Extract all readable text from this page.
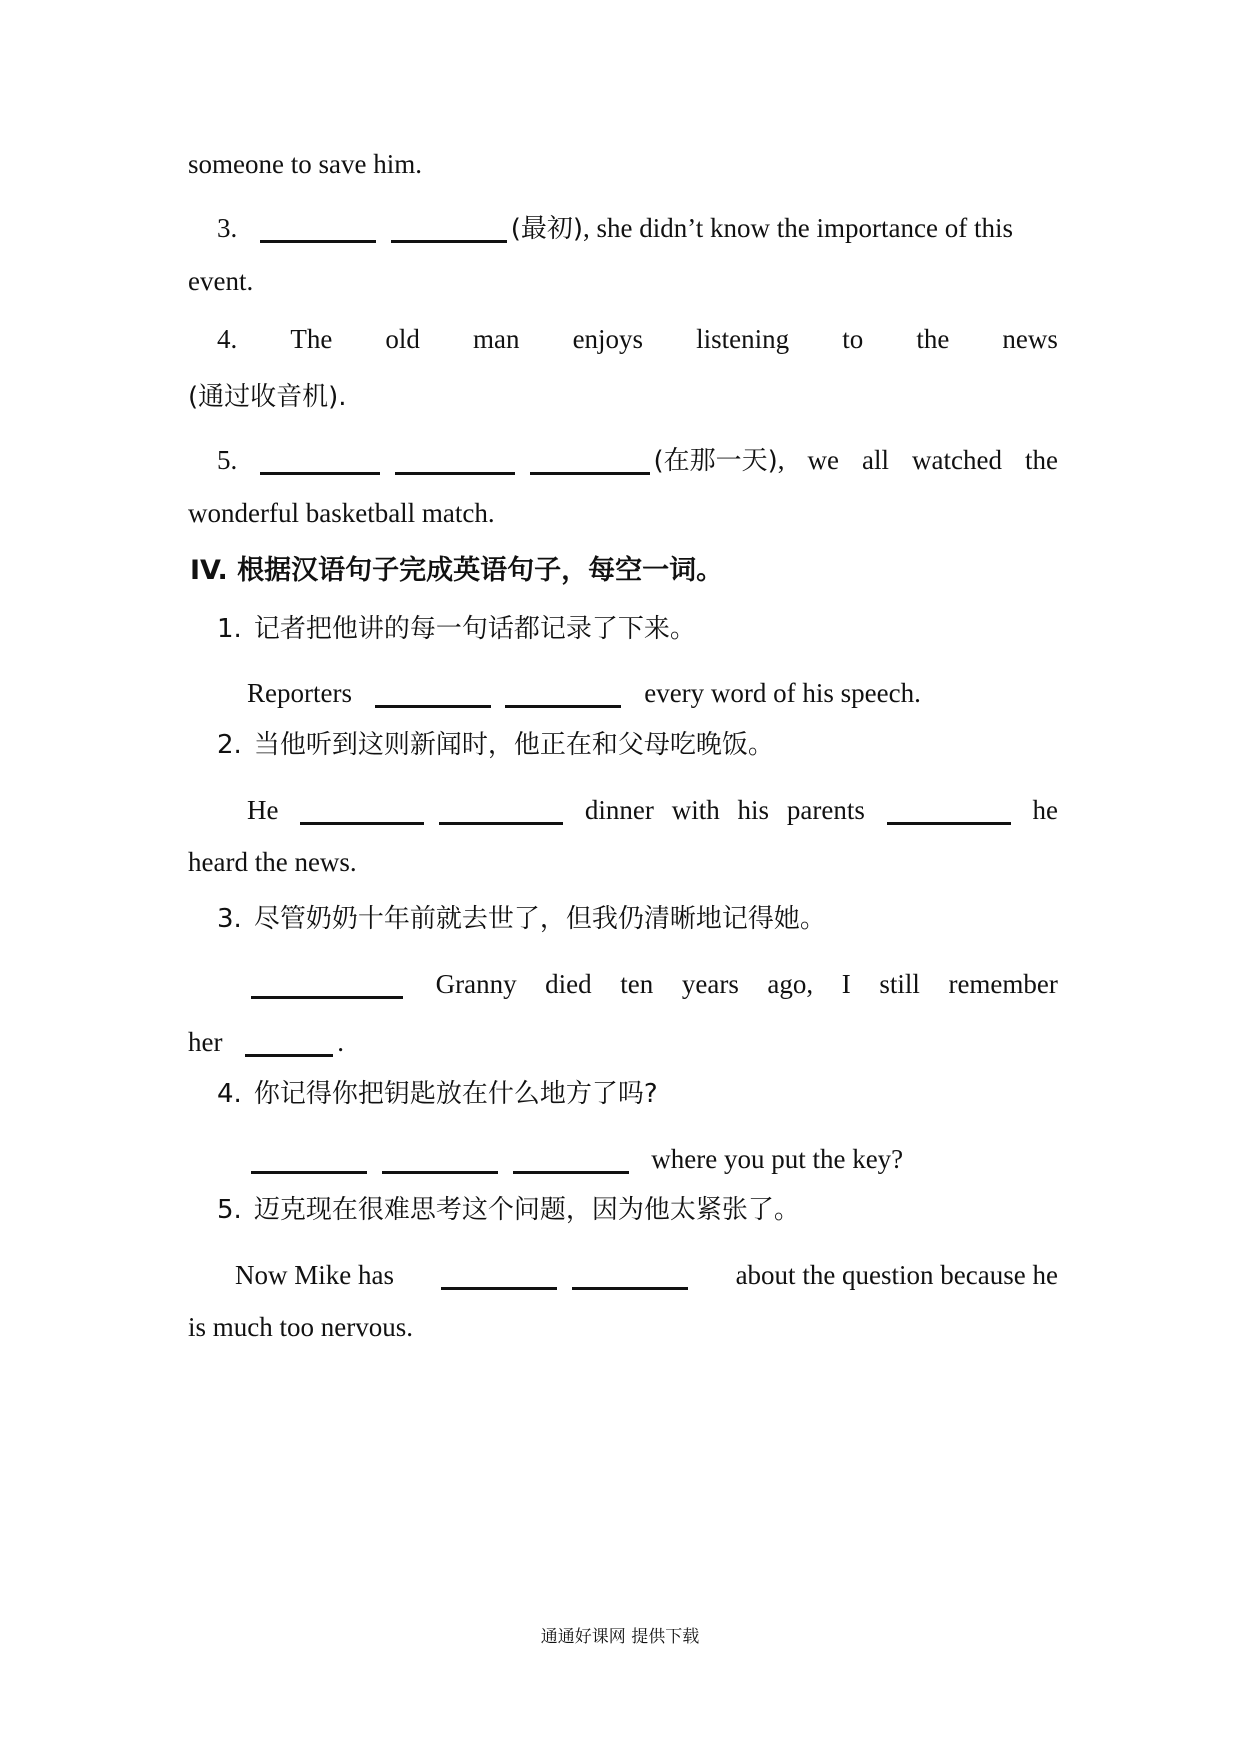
someone to save him.
3.	(最初), she didn’t know the importance of this
event.
4. The old man enjoys listening to the news
(通过收音机).
5.	(在那一天), we all watched the
wonderful basketball match.
IV. 根据汉语句子完成英语句子，每空一词。
1. 记者把他讲的每一句话都记录了下来。
Reporters	every word of his speech.
2. 当他听到这则新闻时，他正在和父母吃晚饭。
He
	dinner with his parents	he
heard the news.
3. 尽管奶奶十年前就去世了，但我仍清晰地记得她。
Granny died ten years ago, I still remember
her	.
4. 你记得你把钥匙放在什么地方了吗?
where you put the key?
5. 迈克现在很难思考这个问题，因为他太紧张了。
Now Mike has
	about the question because he
is much too nervous.
通通好课网 提供下载
